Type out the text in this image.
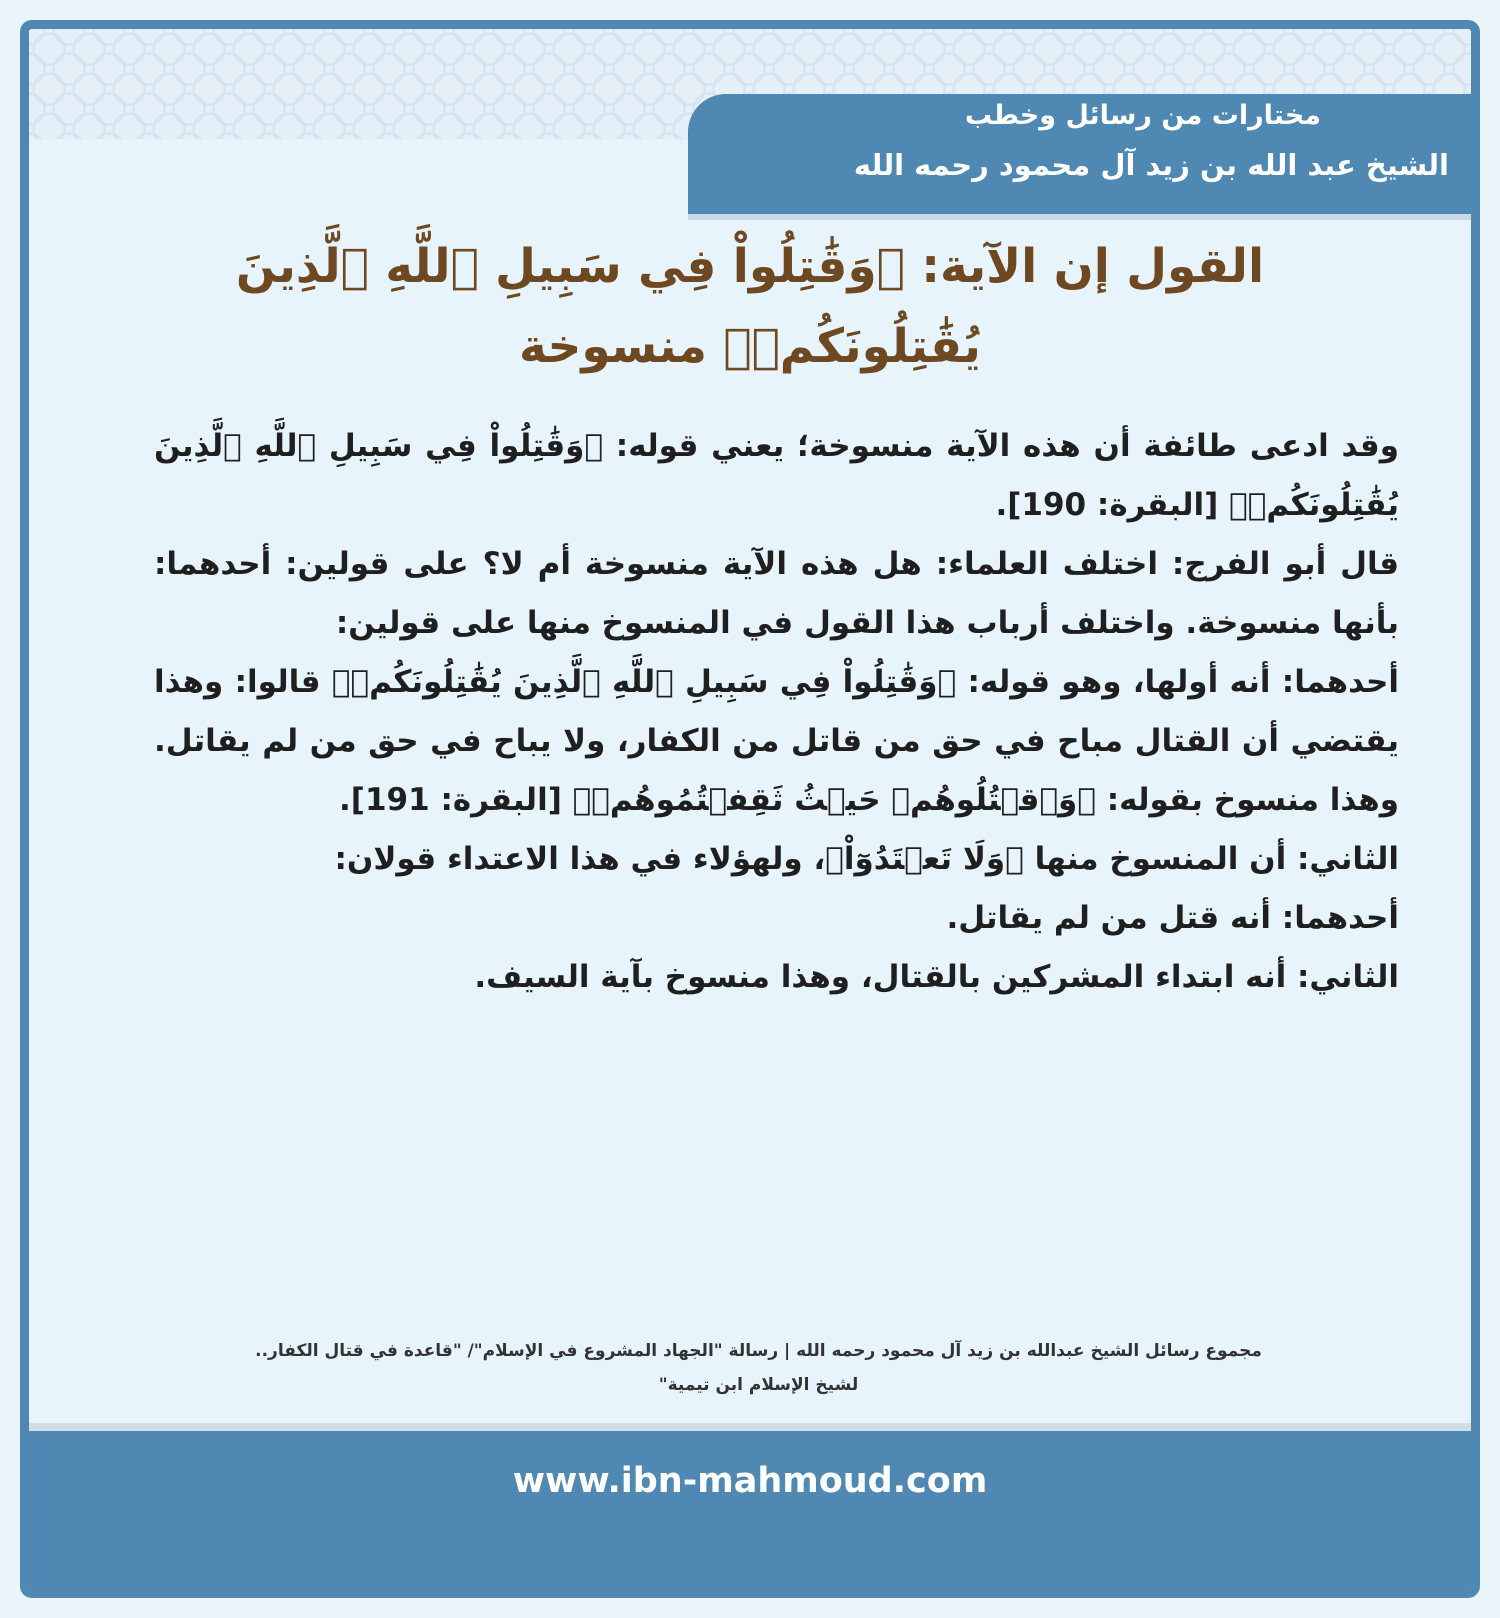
مختارات من رسائل وخطب
الشيخ عبد الله بن زيد آل محمود رحمه الله
القول إن الآية: ﴿وَقَٰتِلُواْ فِي سَبِيلِ ٱللَّهِ ٱلَّذِينَ يُقَٰتِلُونَكُمۡ﴾ منسوخة

وقد ادعى طائفة أن هذه الآية منسوخة؛ يعني قوله: ﴿وَقَٰتِلُواْ فِي سَبِيلِ ٱللَّهِ ٱلَّذِينَ يُقَٰتِلُونَكُمۡ﴾ [البقرة: 190].

قال أبو الفرج: اختلف العلماء: هل هذه الآية منسوخة أم لا؟ على قولين: أحدهما: بأنها منسوخة. واختلف أرباب هذا القول في المنسوخ منها على قولين:

أحدهما: أنه أولها، وهو قوله: ﴿وَقَٰتِلُواْ فِي سَبِيلِ ٱللَّهِ ٱلَّذِينَ يُقَٰتِلُونَكُمۡ﴾ قالوا: وهذا يقتضي أن القتال مباح في حق من قاتل من الكفار، ولا يباح في حق من لم يقاتل. وهذا منسوخ بقوله: ﴿وَٱقۡتُلُوهُمۡ حَيۡثُ ثَقِفۡتُمُوهُمۡ﴾ [البقرة: 191].

الثاني: أن المنسوخ منها ﴿وَلَا تَعۡتَدُوٓاْ﴾، ولهؤلاء في هذا الاعتداء قولان:

أحدهما: أنه قتل من لم يقاتل.

الثاني: أنه ابتداء المشركين بالقتال، وهذا منسوخ بآية السيف.

مجموع رسائل الشيخ عبدالله بن زيد آل محمود رحمه الله | رسالة "الجهاد المشروع في الإسلام"/ "قاعدة في قتال الكفار..
لشيخ الإسلام ابن تيمية"
www.ibn-mahmoud.com
